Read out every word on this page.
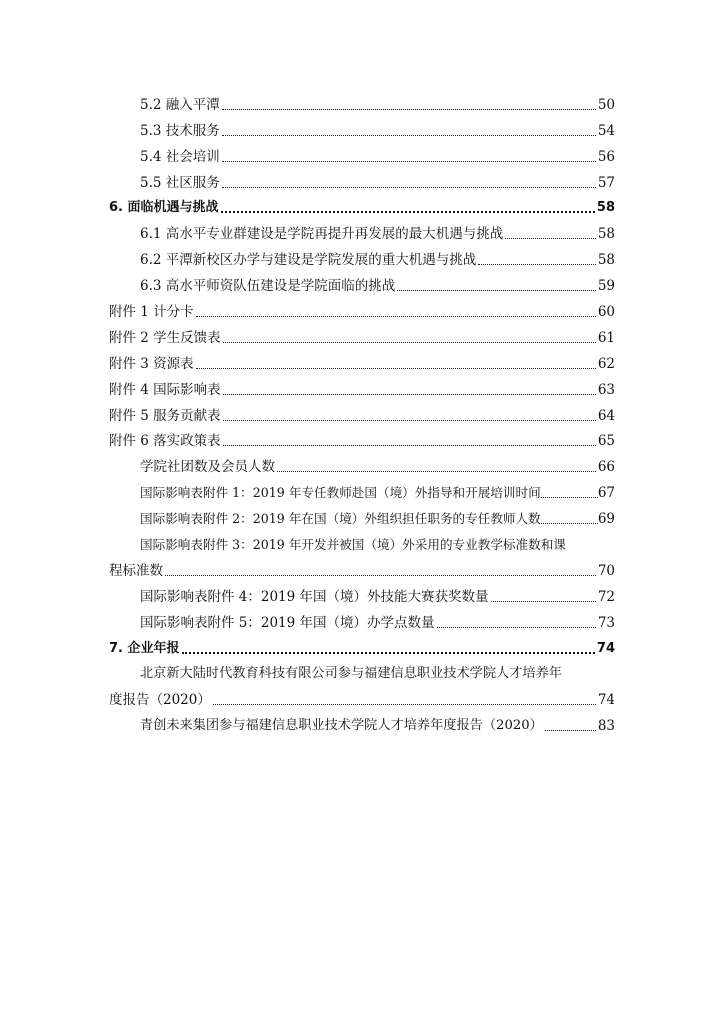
5.2 融入平潭	50
5.3 技术服务	54
5.4 社会培训	56
5.5 社区服务	57
6. 面临机遇与挑战	58
6.1 高水平专业群建设是学院再提升再发展的最大机遇与挑战	58
6.2 平潭新校区办学与建设是学院发展的重大机遇与挑战	58
6.3 高水平师资队伍建设是学院面临的挑战	59
附件 1 计分卡	60
附件 2 学生反馈表	61
附件 3 资源表	62
附件 4 国际影响表	63
附件 5 服务贡献表	64
附件 6 落实政策表	65
学院社团数及会员人数	66
国际影响表附件 1：2019 年专任教师赴国（境）外指导和开展培训时间	67
国际影响表附件 2：2019 年在国（境）外组织担任职务的专任教师人数	69
国际影响表附件 3：2019 年开发并被国（境）外采用的专业教学标准数和课
程标准数	70
国际影响表附件 4：2019 年国（境）外技能大赛获奖数量	72
国际影响表附件 5：2019 年国（境）办学点数量	73
7. 企业年报	74
北京新大陆时代教育科技有限公司参与福建信息职业技术学院人才培养年
度报告（2020）	74
青创未来集团参与福建信息职业技术学院人才培养年度报告（2020）	83
